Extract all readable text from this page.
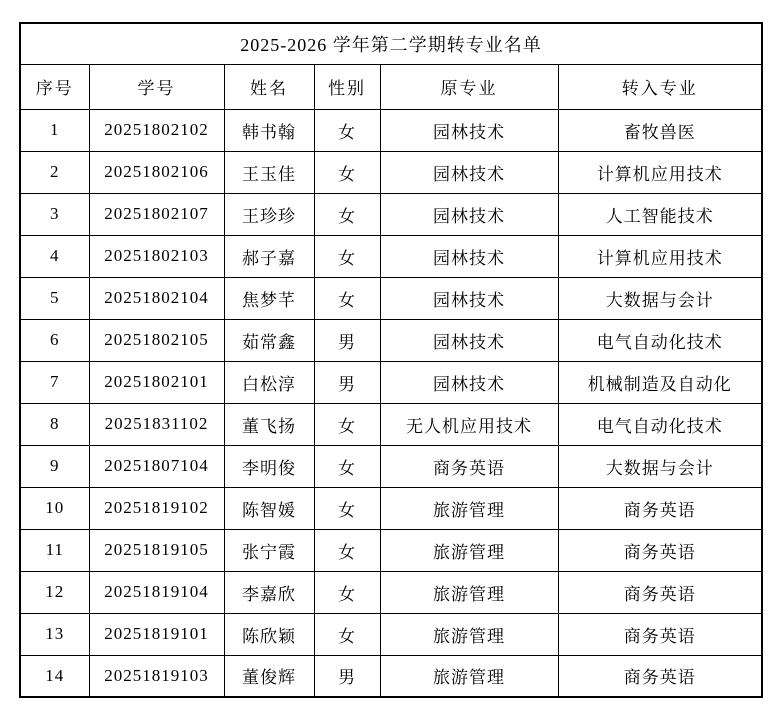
2025-2026 学年第二学期转专业名单					
序号	学号	姓名	性别	原专业	转入专业
1	20251802102	韩书翰	女	园林技术	畜牧兽医
2	20251802106	王玉佳	女	园林技术	计算机应用技术
3	20251802107	王珍珍	女	园林技术	人工智能技术
4	20251802103	郝子嘉	女	园林技术	计算机应用技术
5	20251802104	焦梦芊	女	园林技术	大数据与会计
6	20251802105	茹常鑫	男	园林技术	电气自动化技术
7	20251802101	白松淳	男	园林技术	机械制造及自动化
8	20251831102	董飞扬	女	无人机应用技术	电气自动化技术
9	20251807104	李明俊	女	商务英语	大数据与会计
10	20251819102	陈智媛	女	旅游管理	商务英语
11	20251819105	张宁霞	女	旅游管理	商务英语
12	20251819104	李嘉欣	女	旅游管理	商务英语
13	20251819101	陈欣颖	女	旅游管理	商务英语
14	20251819103	董俊辉	男	旅游管理	商务英语
